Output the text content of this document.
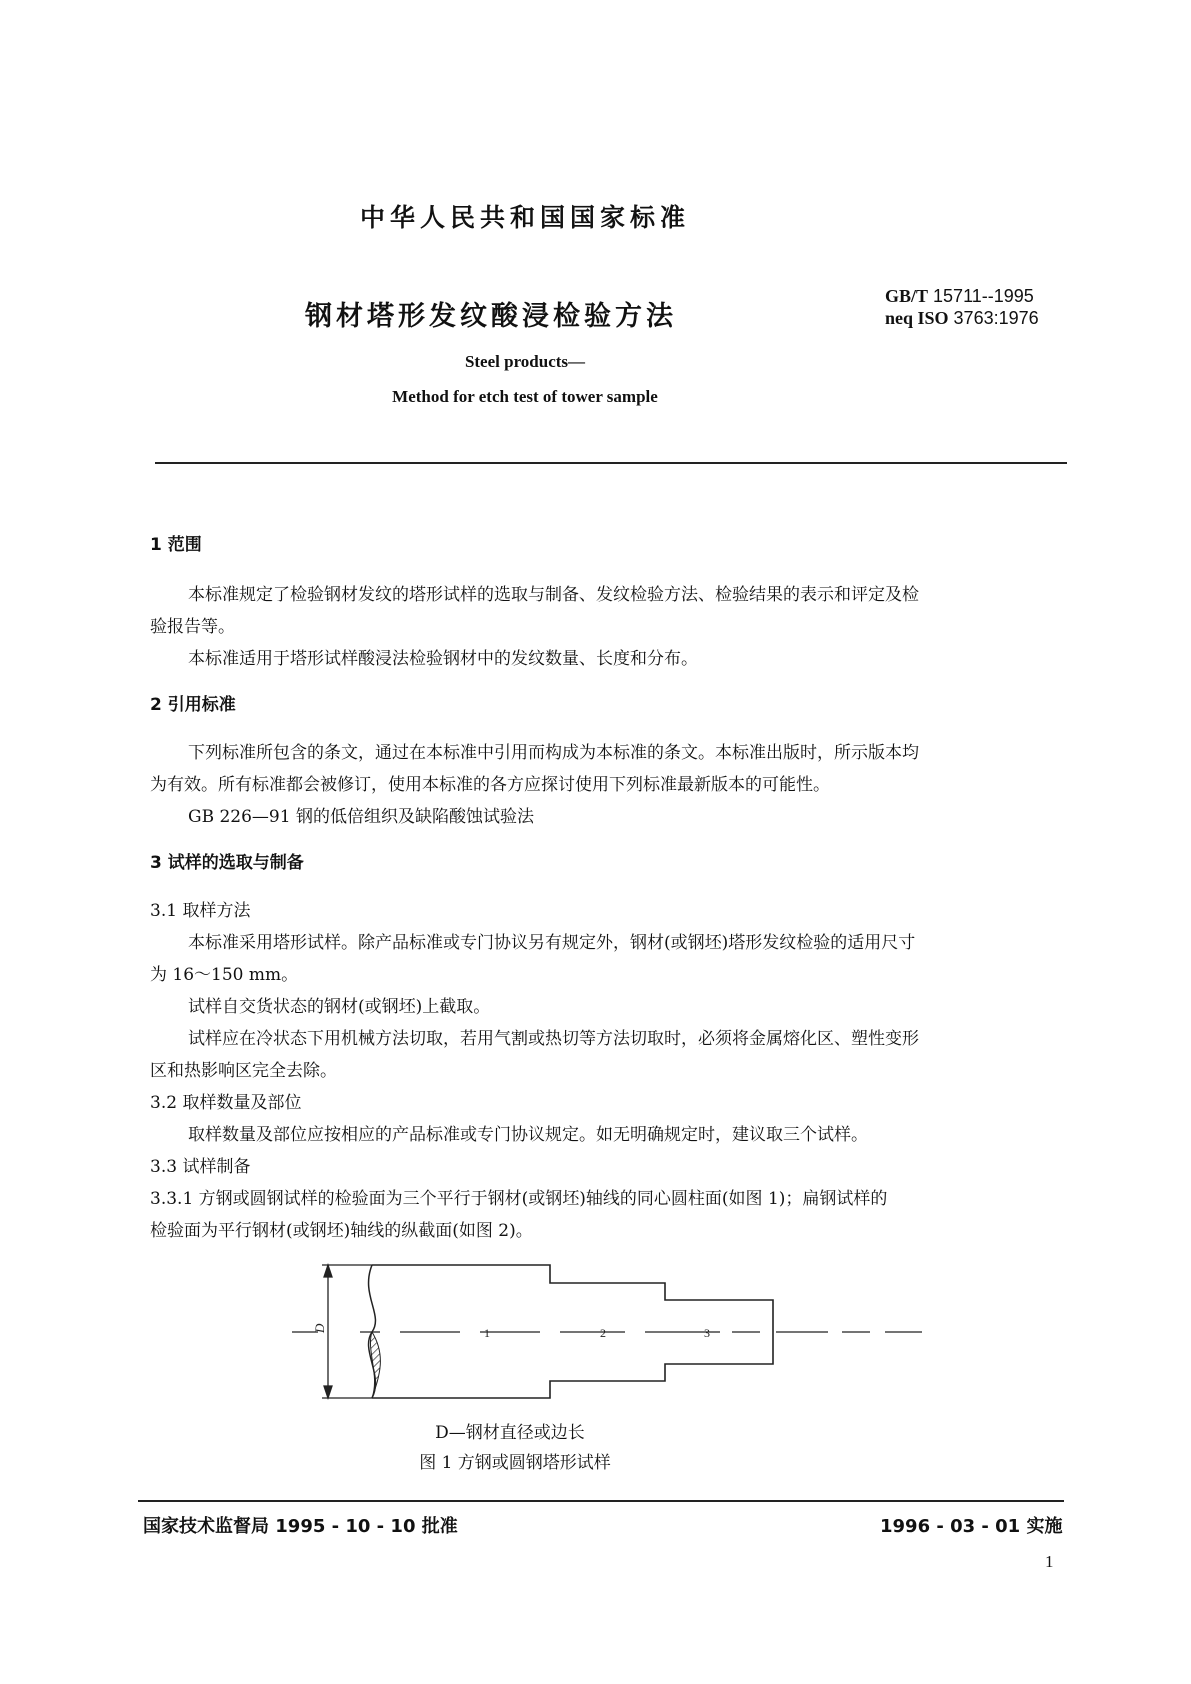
中华人民共和国国家标准
钢材塔形发纹酸浸检验方法
GB/T 15711--1995
neq ISO 3763:1976
Steel products—
Method for etch test of tower sample
1 范围
本标准规定了检验钢材发纹的塔形试样的选取与制备、发纹检验方法、检验结果的表示和评定及检
验报告等。
本标准适用于塔形试样酸浸法检验钢材中的发纹数量、长度和分布。
2 引用标准
下列标准所包含的条文，通过在本标准中引用而构成为本标准的条文。本标准出版时，所示版本均
为有效。所有标准都会被修订，使用本标准的各方应探讨使用下列标准最新版本的可能性。
GB 226—91 钢的低倍组织及缺陷酸蚀试验法
3 试样的选取与制备
3.1 取样方法
本标准采用塔形试样。除产品标准或专门协议另有规定外，钢材(或钢坯)塔形发纹检验的适用尺寸
为 16～150 mm。
试样自交货状态的钢材(或钢坯)上截取。
试样应在冷状态下用机械方法切取，若用气割或热切等方法切取时，必须将金属熔化区、塑性变形
区和热影响区完全去除。
3.2 取样数量及部位
取样数量及部位应按相应的产品标准或专门协议规定。如无明确规定时，建议取三个试样。
3.3 试样制备
3.3.1 方钢或圆钢试样的检验面为三个平行于钢材(或钢坯)轴线的同心圆柱面(如图 1)；扁钢试样的
检验面为平行钢材(或钢坯)轴线的纵截面(如图 2)。
D	1	2	3
D—钢材直径或边长
图 1 方钢或圆钢塔形试样
国家技术监督局 1995 - 10 - 10 批准	1996 - 03 - 01 实施
1
